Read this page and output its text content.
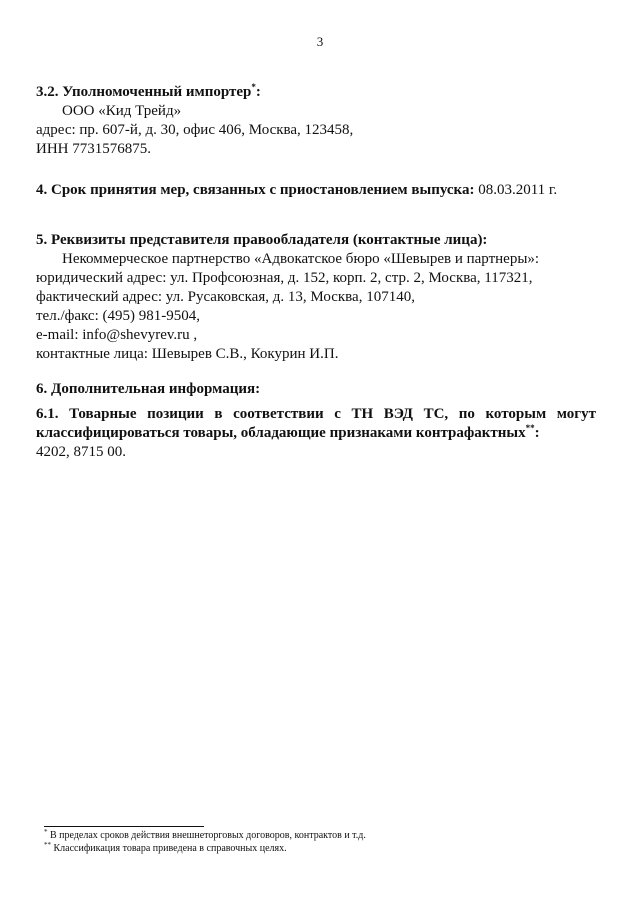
3
3.2. Уполномоченный импортер*:
ООО «Кид Трейд»
адрес: пр. 607-й, д. 30, офис 406, Москва, 123458,
ИНН 7731576875.
4. Срок принятия мер, связанных с приостановлением выпуска: 08.03.2011 г.
5. Реквизиты представителя правообладателя (контактные лица):
Некоммерческое партнерство «Адвокатское бюро «Шевырев и партнеры»:
юридический адрес: ул. Профсоюзная, д. 152, корп. 2, стр. 2, Москва, 117321,
фактический адрес: ул. Русаковская, д. 13, Москва, 107140,
тел./факс: (495) 981-9504,
e-mail: info@shevyrev.ru ,
контактные лица: Шевырев С.В., Кокурин И.П.
6. Дополнительная информация:
6.1. Товарные позиции в соответствии с ТН ВЭД ТС, по которым могут
классифицироваться товары, обладающие признаками контрафактных**:
4202, 8715 00.
* В пределах сроков действия внешнеторговых договоров, контрактов и т.д.
** Классификация товара приведена в справочных целях.
